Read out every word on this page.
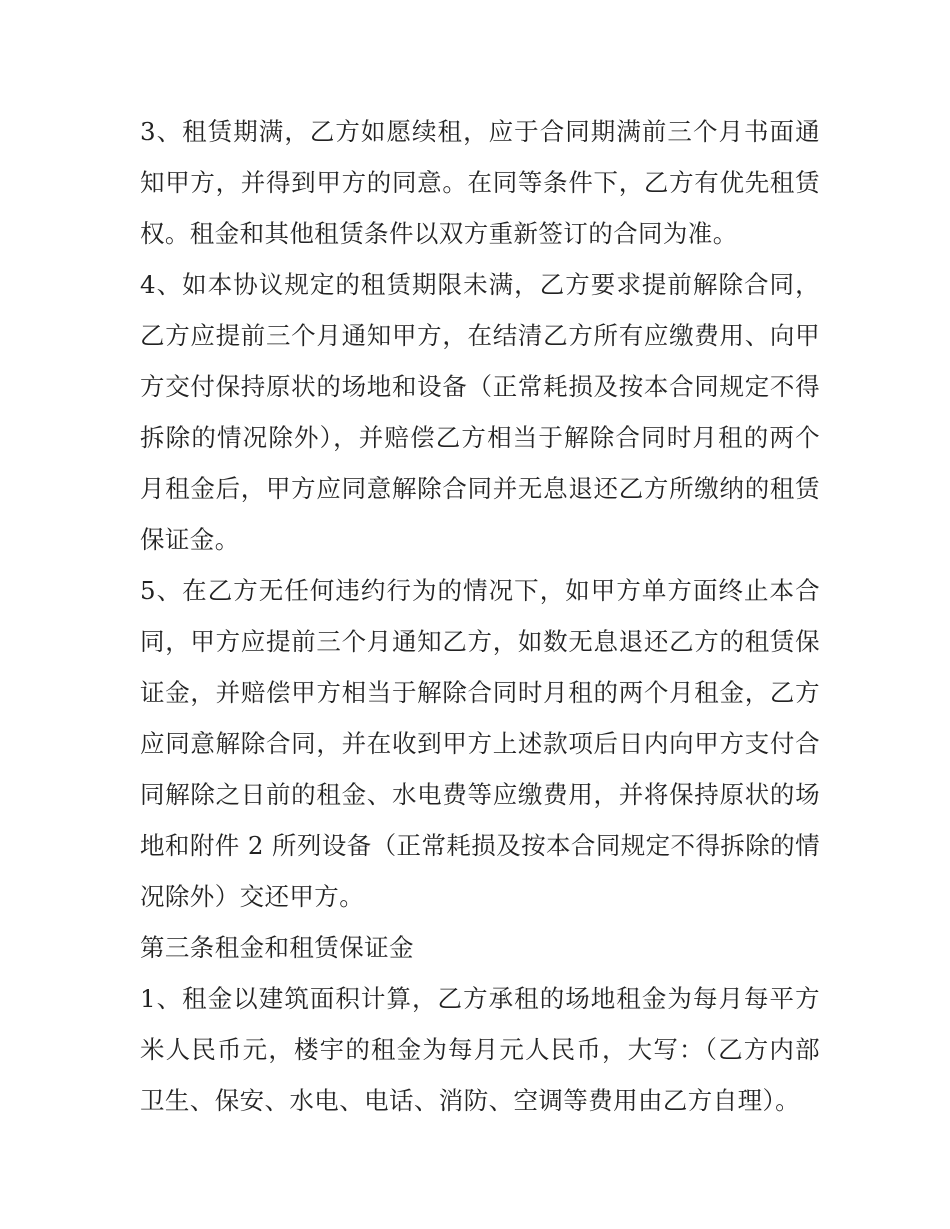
3、租赁期满，乙方如愿续租，应于合同期满前三个月书面通知甲方，并得到甲方的同意。在同等条件下，乙方有优先租赁权。租金和其他租赁条件以双方重新签订的合同为准。

4、如本协议规定的租赁期限未满，乙方要求提前解除合同，乙方应提前三个月通知甲方，在结清乙方所有应缴费用、向甲方交付保持原状的场地和设备（正常耗损及按本合同规定不得拆除的情况除外），并赔偿乙方相当于解除合同时月租的两个月租金后，甲方应同意解除合同并无息退还乙方所缴纳的租赁保证金。

5、在乙方无任何违约行为的情况下，如甲方单方面终止本合同，甲方应提前三个月通知乙方，如数无息退还乙方的租赁保证金，并赔偿甲方相当于解除合同时月租的两个月租金，乙方应同意解除合同，并在收到甲方上述款项后日内向甲方支付合同解除之日前的租金、水电费等应缴费用，并将保持原状的场地和附件 2 所列设备（正常耗损及按本合同规定不得拆除的情况除外）交还甲方。

第三条租金和租赁保证金

1、租金以建筑面积计算，乙方承租的场地租金为每月每平方米人民币元，楼宇的租金为每月元人民币，大写：（乙方内部卫生、保安、水电、电话、消防、空调等费用由乙方自理）。
